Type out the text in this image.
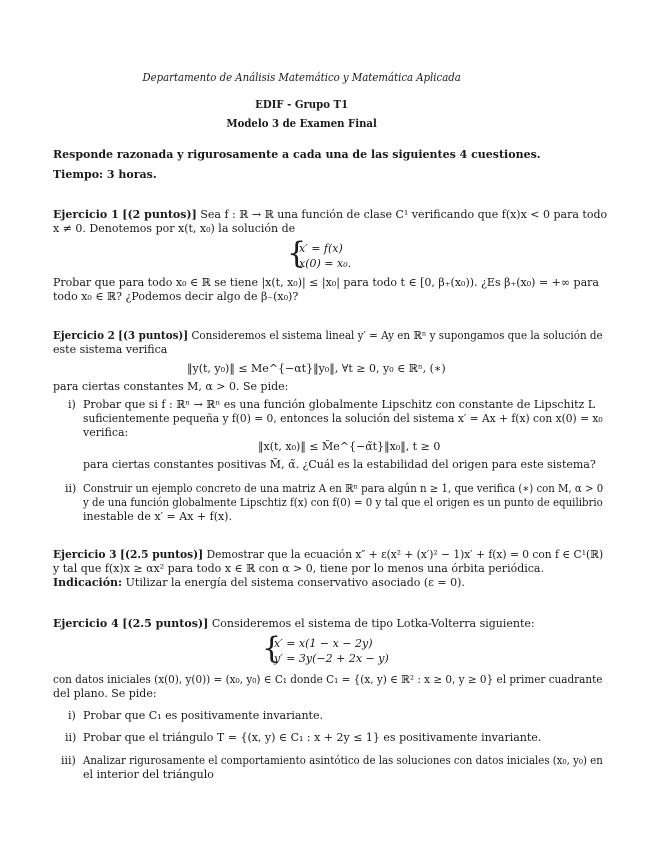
Departamento de Análisis Matemático y Matemática Aplicada
EDIF - Grupo T1
Modelo 3 de Examen Final
Responde razonada y rigurosamente a cada una de las siguientes 4 cuestiones.
Tiempo: 3 horas.
Ejercicio 1 [(2 puntos)] Sea f : ℝ → ℝ una función de clase C¹ verificando que f(x)x < 0 para todo
x ≠ 0. Denotemos por x(t, x₀) la solución de
{
x′ = f(x)
x(0) = x₀.
Probar que para todo x₀ ∈ ℝ se tiene |x(t, x₀)| ≤ |x₀| para todo t ∈ [0, β₊(x₀)). ¿Es β₊(x₀) = +∞ para
todo x₀ ∈ ℝ? ¿Podemos decir algo de β₋(x₀)?
Ejercicio 2 [(3 puntos)] Consideremos el sistema lineal y′ = Ay en ℝⁿ y supongamos que la solución de
este sistema verifica
‖y(t, y₀)‖ ≤ Me^{−αt}‖y₀‖, ∀t ≥ 0, y₀ ∈ ℝⁿ, (∗)
para ciertas constantes M, α > 0. Se pide:
i) Probar que si f : ℝⁿ → ℝⁿ es una función globalmente Lipschitz con constante de Lipschitz L
suficientemente pequeña y f(0) = 0, entonces la solución del sistema x′ = Ax + f(x) con x(0) = x₀
verifica:
‖x(t, x₀)‖ ≤ M̃e^{−α̃t}‖x₀‖, t ≥ 0
para ciertas constantes positivas M̃, α̃. ¿Cuál es la estabilidad del origen para este sistema?
ii) Construir un ejemplo concreto de una matriz A en ℝⁿ para algún n ≥ 1, que verifica (∗) con M, α > 0
y de una función globalmente Lipschtiz f(x) con f(0) = 0 y tal que el origen es un punto de equilibrio
inestable de x′ = Ax + f(x).
Ejercicio 3 [(2.5 puntos)] Demostrar que la ecuación x″ + ε(x² + (x′)² − 1)x′ + f(x) = 0 con f ∈ C¹(ℝ)
y tal que f(x)x ≥ αx² para todo x ∈ ℝ con α > 0, tiene por lo menos una órbita periódica.
Indicación: Utilizar la energía del sistema conservativo asociado (ε = 0).
Ejercicio 4 [(2.5 puntos)] Consideremos el sistema de tipo Lotka-Volterra siguiente:
{
x′ = x(1 − x − 2y)
y′ = 3y(−2 + 2x − y)
con datos iniciales (x(0), y(0)) = (x₀, y₀) ∈ C₁ donde C₁ = {(x, y) ∈ ℝ² : x ≥ 0, y ≥ 0} el primer cuadrante
del plano. Se pide:
i) Probar que C₁ es positivamente invariante.
ii) Probar que el triángulo T = {(x, y) ∈ C₁ : x + 2y ≤ 1} es positivamente invariante.
iii) Analizar rigurosamente el comportamiento asintótico de las soluciones con datos iniciales (x₀, y₀) en
el interior del triángulo
